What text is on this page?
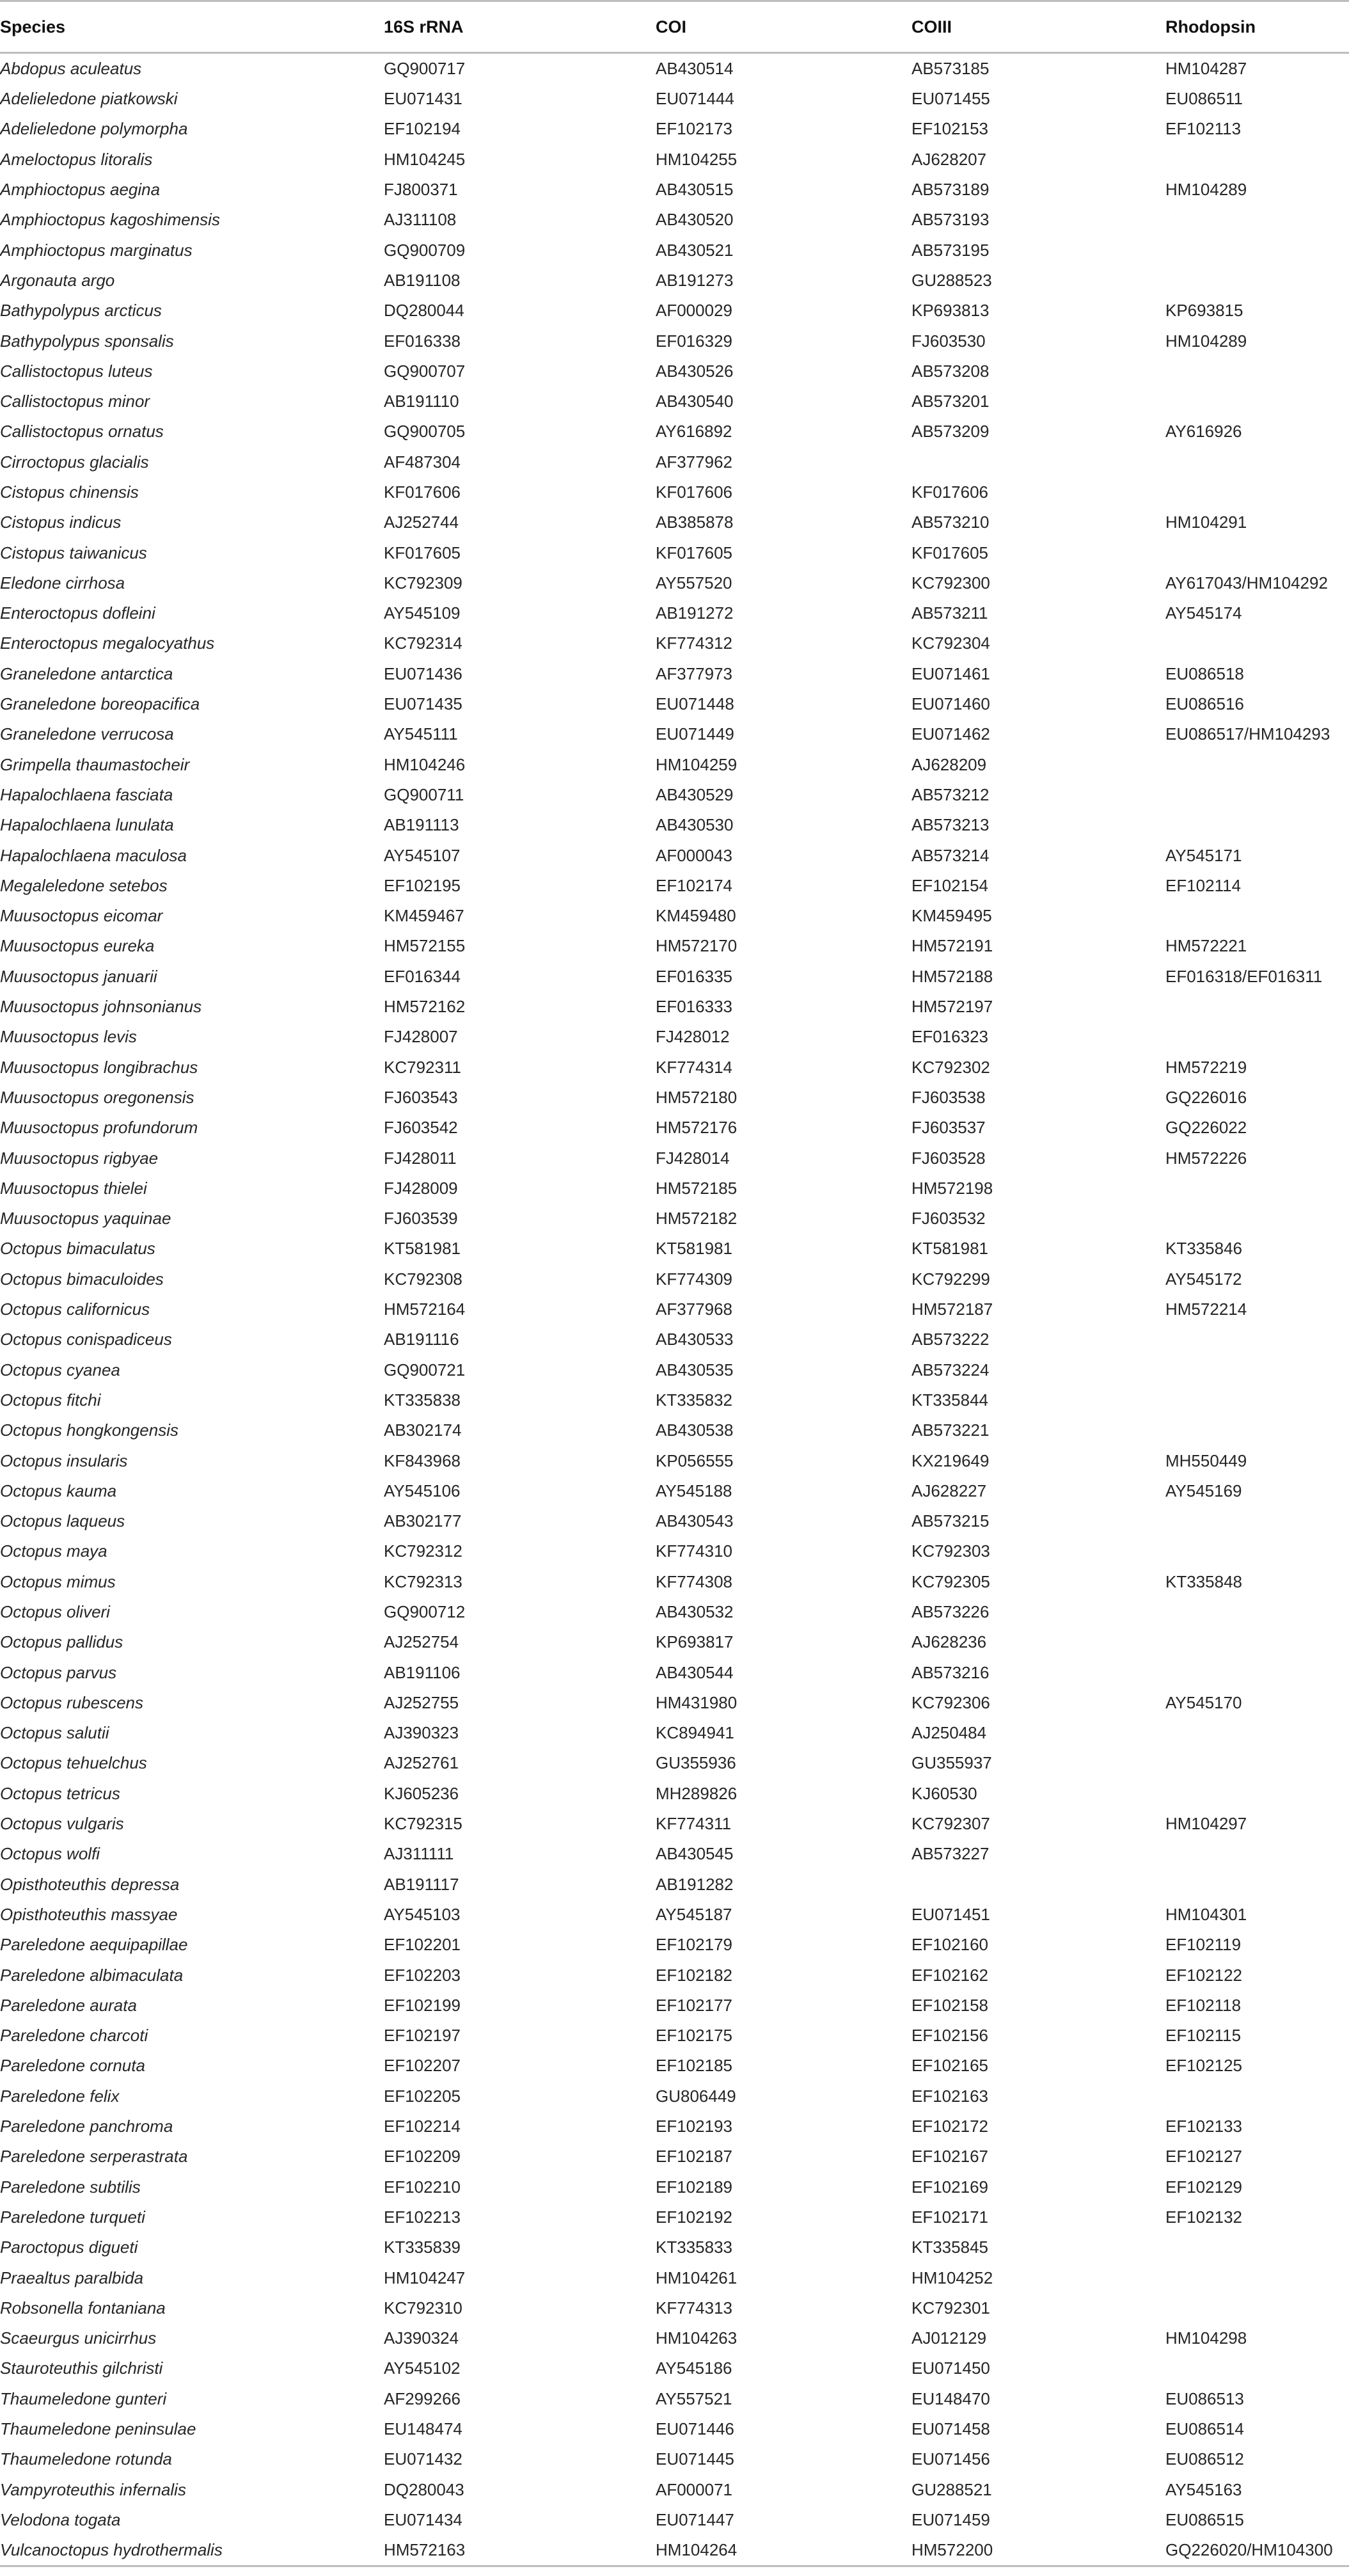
Species	16S rRNA	COI	COIII	Rhodopsin
Abdopus aculeatus	GQ900717	AB430514	AB573185	HM104287
Adelieledone piatkowski	EU071431	EU071444	EU071455	EU086511
Adelieledone polymorpha	EF102194	EF102173	EF102153	EF102113
Ameloctopus litoralis	HM104245	HM104255	AJ628207	
Amphioctopus aegina	FJ800371	AB430515	AB573189	HM104289
Amphioctopus kagoshimensis	AJ311108	AB430520	AB573193	
Amphioctopus marginatus	GQ900709	AB430521	AB573195	
Argonauta argo	AB191108	AB191273	GU288523	
Bathypolypus arcticus	DQ280044	AF000029	KP693813	KP693815
Bathypolypus sponsalis	EF016338	EF016329	FJ603530	HM104289
Callistoctopus luteus	GQ900707	AB430526	AB573208	
Callistoctopus minor	AB191110	AB430540	AB573201	
Callistoctopus ornatus	GQ900705	AY616892	AB573209	AY616926
Cirroctopus glacialis	AF487304	AF377962		
Cistopus chinensis	KF017606	KF017606	KF017606	
Cistopus indicus	AJ252744	AB385878	AB573210	HM104291
Cistopus taiwanicus	KF017605	KF017605	KF017605	
Eledone cirrhosa	KC792309	AY557520	KC792300	AY617043/HM104292
Enteroctopus dofleini	AY545109	AB191272	AB573211	AY545174
Enteroctopus megalocyathus	KC792314	KF774312	KC792304	
Graneledone antarctica	EU071436	AF377973	EU071461	EU086518
Graneledone boreopacifica	EU071435	EU071448	EU071460	EU086516
Graneledone verrucosa	AY545111	EU071449	EU071462	EU086517/HM104293
Grimpella thaumastocheir	HM104246	HM104259	AJ628209	
Hapalochlaena fasciata	GQ900711	AB430529	AB573212	
Hapalochlaena lunulata	AB191113	AB430530	AB573213	
Hapalochlaena maculosa	AY545107	AF000043	AB573214	AY545171
Megaleledone setebos	EF102195	EF102174	EF102154	EF102114
Muusoctopus eicomar	KM459467	KM459480	KM459495	
Muusoctopus eureka	HM572155	HM572170	HM572191	HM572221
Muusoctopus januarii	EF016344	EF016335	HM572188	EF016318/EF016311
Muusoctopus johnsonianus	HM572162	EF016333	HM572197	
Muusoctopus levis	FJ428007	FJ428012	EF016323	
Muusoctopus longibrachus	KC792311	KF774314	KC792302	HM572219
Muusoctopus oregonensis	FJ603543	HM572180	FJ603538	GQ226016
Muusoctopus profundorum	FJ603542	HM572176	FJ603537	GQ226022
Muusoctopus rigbyae	FJ428011	FJ428014	FJ603528	HM572226
Muusoctopus thielei	FJ428009	HM572185	HM572198	
Muusoctopus yaquinae	FJ603539	HM572182	FJ603532	
Octopus bimaculatus	KT581981	KT581981	KT581981	KT335846
Octopus bimaculoides	KC792308	KF774309	KC792299	AY545172
Octopus californicus	HM572164	AF377968	HM572187	HM572214
Octopus conispadiceus	AB191116	AB430533	AB573222	
Octopus cyanea	GQ900721	AB430535	AB573224	
Octopus fitchi	KT335838	KT335832	KT335844	
Octopus hongkongensis	AB302174	AB430538	AB573221	
Octopus insularis	KF843968	KP056555	KX219649	MH550449
Octopus kauma	AY545106	AY545188	AJ628227	AY545169
Octopus laqueus	AB302177	AB430543	AB573215	
Octopus maya	KC792312	KF774310	KC792303	
Octopus mimus	KC792313	KF774308	KC792305	KT335848
Octopus oliveri	GQ900712	AB430532	AB573226	
Octopus pallidus	AJ252754	KP693817	AJ628236	
Octopus parvus	AB191106	AB430544	AB573216	
Octopus rubescens	AJ252755	HM431980	KC792306	AY545170
Octopus salutii	AJ390323	KC894941	AJ250484	
Octopus tehuelchus	AJ252761	GU355936	GU355937	
Octopus tetricus	KJ605236	MH289826	KJ60530	
Octopus vulgaris	KC792315	KF774311	KC792307	HM104297
Octopus wolfi	AJ311111	AB430545	AB573227	
Opisthoteuthis depressa	AB191117	AB191282		
Opisthoteuthis massyae	AY545103	AY545187	EU071451	HM104301
Pareledone aequipapillae	EF102201	EF102179	EF102160	EF102119
Pareledone albimaculata	EF102203	EF102182	EF102162	EF102122
Pareledone aurata	EF102199	EF102177	EF102158	EF102118
Pareledone charcoti	EF102197	EF102175	EF102156	EF102115
Pareledone cornuta	EF102207	EF102185	EF102165	EF102125
Pareledone felix	EF102205	GU806449	EF102163	
Pareledone panchroma	EF102214	EF102193	EF102172	EF102133
Pareledone serperastrata	EF102209	EF102187	EF102167	EF102127
Pareledone subtilis	EF102210	EF102189	EF102169	EF102129
Pareledone turqueti	EF102213	EF102192	EF102171	EF102132
Paroctopus digueti	KT335839	KT335833	KT335845	
Praealtus paralbida	HM104247	HM104261	HM104252	
Robsonella fontaniana	KC792310	KF774313	KC792301	
Scaeurgus unicirrhus	AJ390324	HM104263	AJ012129	HM104298
Stauroteuthis gilchristi	AY545102	AY545186	EU071450	
Thaumeledone gunteri	AF299266	AY557521	EU148470	EU086513
Thaumeledone peninsulae	EU148474	EU071446	EU071458	EU086514
Thaumeledone rotunda	EU071432	EU071445	EU071456	EU086512
Vampyroteuthis infernalis	DQ280043	AF000071	GU288521	AY545163
Velodona togata	EU071434	EU071447	EU071459	EU086515
Vulcanoctopus hydrothermalis	HM572163	HM104264	HM572200	GQ226020/HM104300
